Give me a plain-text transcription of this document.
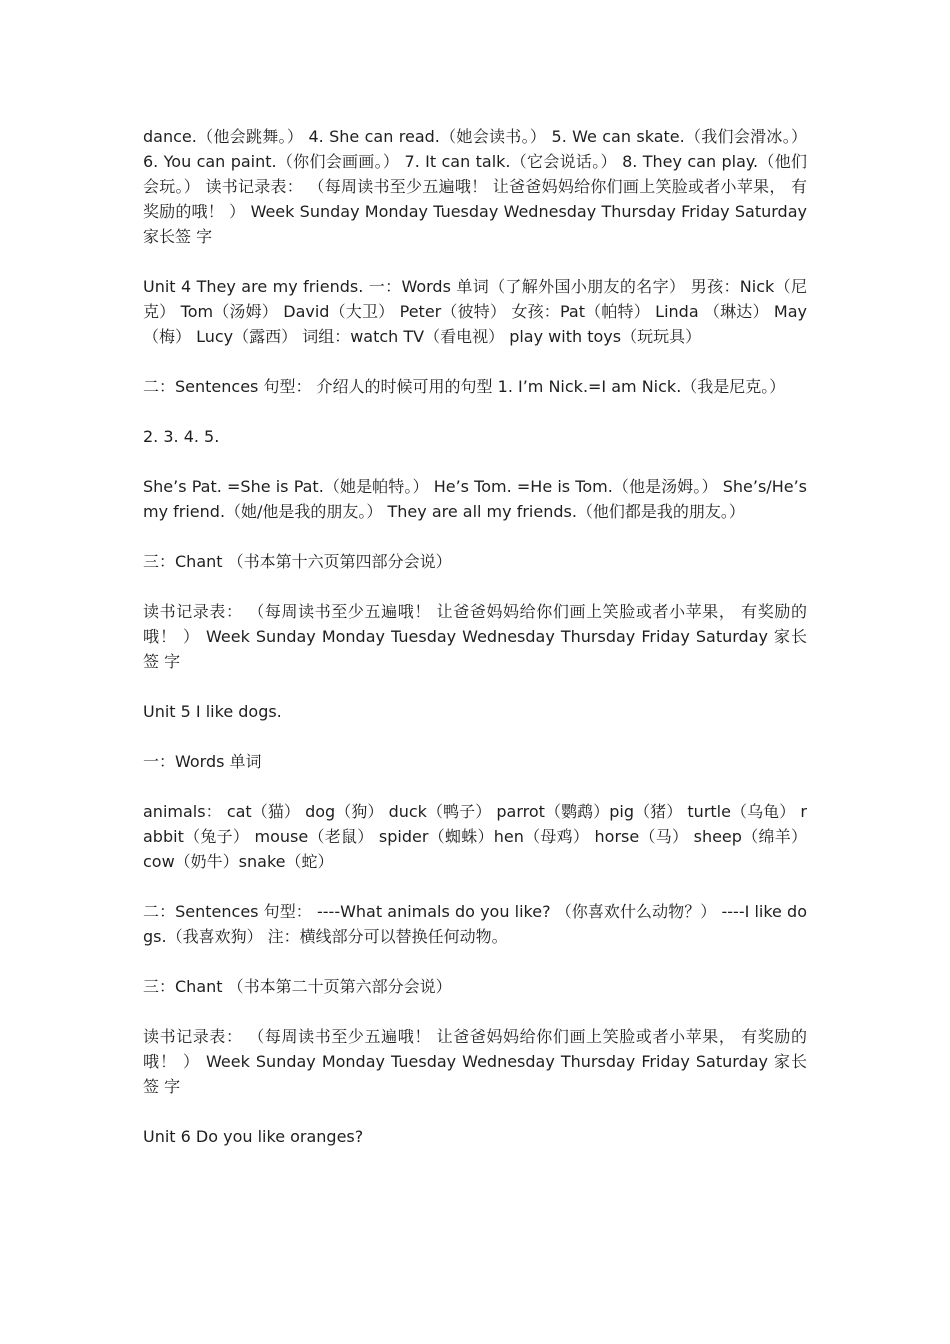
dance.（他会跳舞。） 4. She can read.（她会读书。） 5. We can skate.（我们会滑冰。） 6. You can paint.（你们会画画。） 7. It can talk.（它会说话。） 8. They can play.（他们会玩。） 读书记录表： （每周读书至少五遍哦！ 让爸爸妈妈给你们画上笑脸或者小苹果， 有奖励的哦！ ） Week Sunday Monday Tuesday Wednesday Thursday Friday Saturday 家长签 字

Unit 4 They are my friends. 一：Words 单词（了解外国小朋友的名字） 男孩：Nick（尼克） Tom（汤姆） David（大卫） Peter（彼特） 女孩：Pat（帕特） Linda （琳达） May （梅） Lucy（露西） 词组：watch TV（看电视） play with toys（玩玩具）

二：Sentences 句型： 介绍人的时候可用的句型 1. I’m Nick.=I am Nick.（我是尼克。）

2. 3. 4. 5.

She’s Pat. =She is Pat.（她是帕特。） He’s Tom. =He is Tom.（他是汤姆。） She’s/He’s my friend.（她/他是我的朋友。） They are all my friends.（他们都是我的朋友。）

三：Chant （书本第十六页第四部分会说）

读书记录表： （每周读书至少五遍哦！ 让爸爸妈妈给你们画上笑脸或者小苹果， 有奖励的哦！ ） Week Sunday Monday Tuesday Wednesday Thursday Friday Saturday 家长签 字

Unit 5 I like dogs.

一：Words 单词

animals： cat（猫） dog（狗） duck（鸭子） parrot（鹦鹉）pig（猪） turtle（乌龟） rabbit（兔子） mouse（老鼠） spider（蜘蛛）hen（母鸡） horse（马） sheep（绵羊） cow（奶牛）snake（蛇）

二：Sentences 句型： ----What animals do you like? （你喜欢什么动物？） ----I like dogs.（我喜欢狗） 注：横线部分可以替换任何动物。

三：Chant （书本第二十页第六部分会说）

读书记录表： （每周读书至少五遍哦！ 让爸爸妈妈给你们画上笑脸或者小苹果， 有奖励的哦！ ） Week Sunday Monday Tuesday Wednesday Thursday Friday Saturday 家长签 字

Unit 6 Do you like oranges?
